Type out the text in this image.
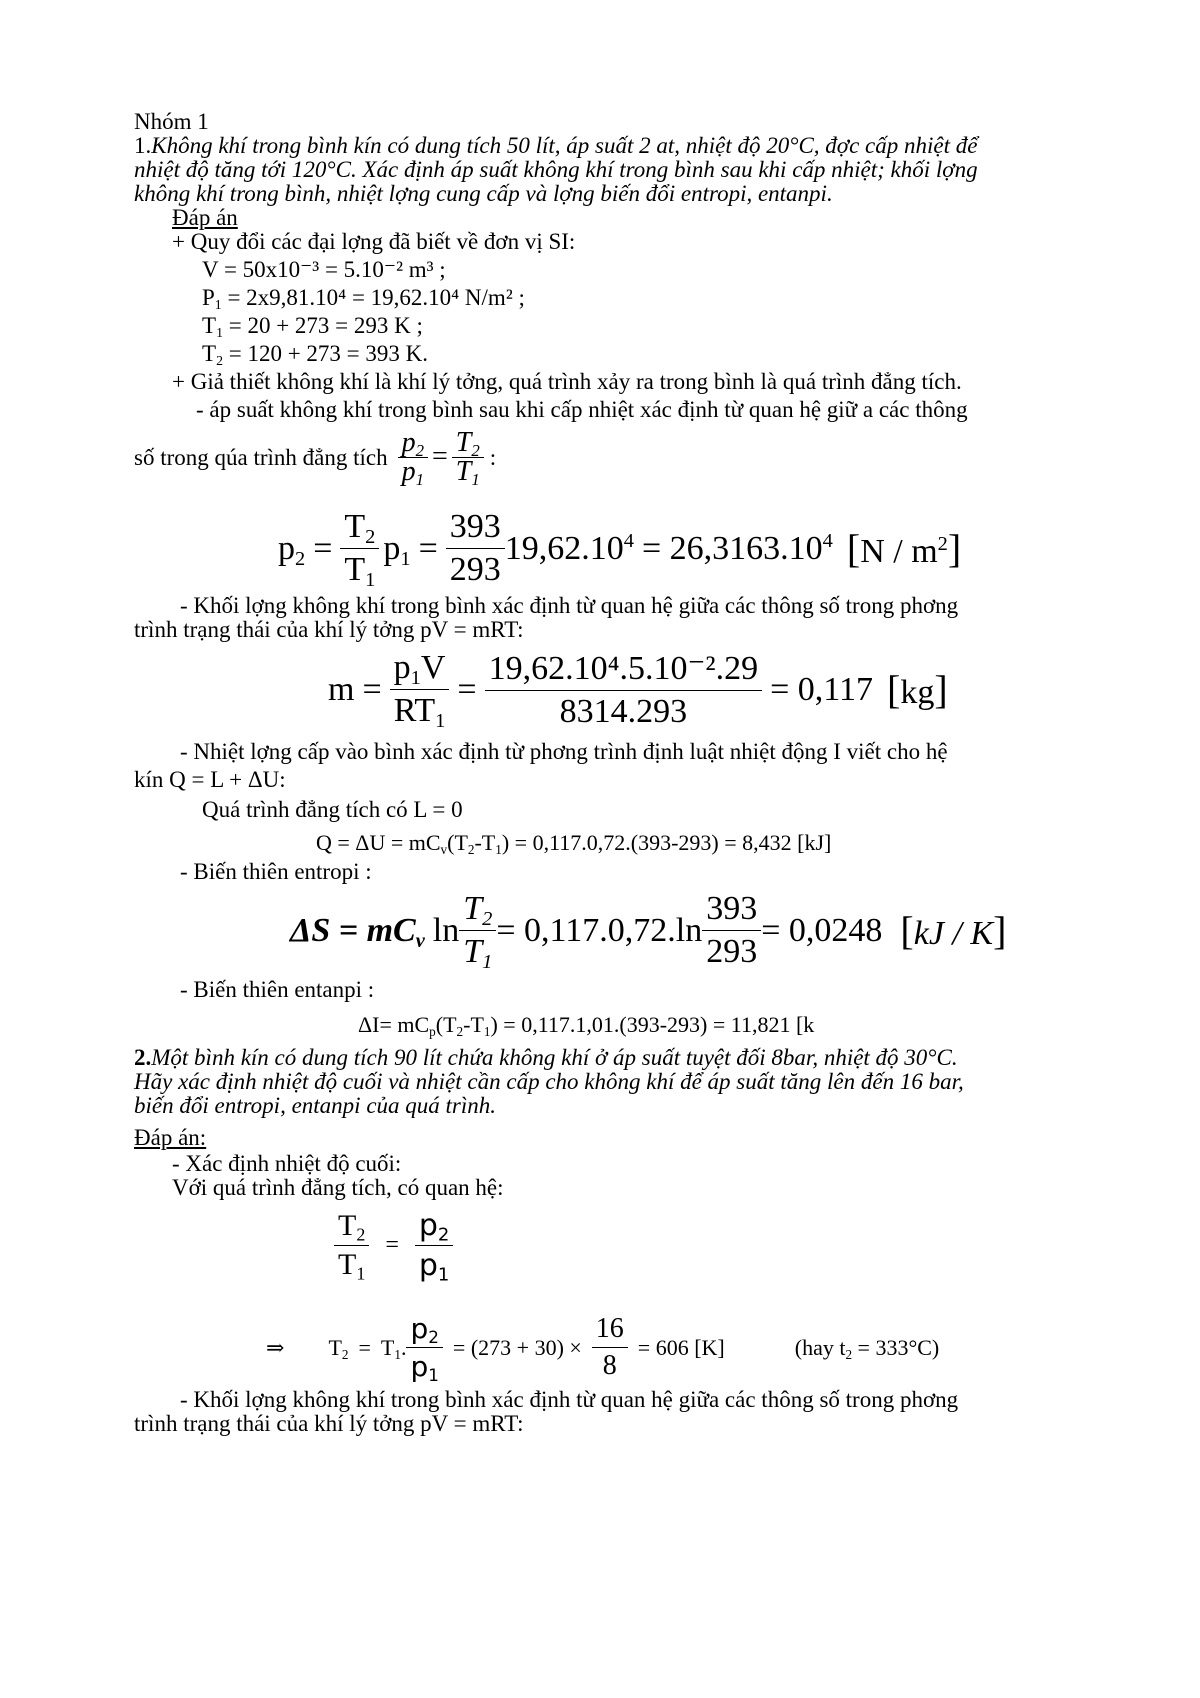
Nhóm 1
1.Không khí trong bình kín có dung tích 50 lít, áp suất 2 at, nhiệt độ 20°C, đợc cấp nhiệt để
nhiệt độ tăng tới 120°C. Xác định áp suất không khí trong bình sau khi cấp nhiệt; khối lợng
không khí trong bình, nhiệt lợng cung cấp và lợng biến đổi entropi, entanpi.
Đáp án
+ Quy đổi các đại lợng đã biết về đơn vị SI:
V = 50x10⁻³ = 5.10⁻² m³ ;
$P_1 = 2x9,81.10^4 = 19,62.10^4$ N/m² ;
$T_1 = 20 + 273 = 293$ K ;
$T_2 = 120 + 273 = 393$ K.
+ Giả thiết không khí là khí lý tởng, quá trình xảy ra trong bình là quá trình đẳng tích.
- áp suất không khí trong bình sau khi cấp nhiệt xác định từ quan hệ giữ a các thông
số trong qúa trình đẳng tích $\frac{p_2}{p_1} = \frac{T_2}{T_1}$ :
$p_2 = \frac{T_2}{T_1} p_1 = \frac{393}{293} 19,62.10^4 = 26,3163.10^4$ $[N / m^2]$
- Khối lợng không khí trong bình xác định từ quan hệ giữa các thông số trong phơng
trình trạng thái của khí lý tởng pV = mRT:
$m = \frac{p_1V}{RT_1} = \frac{\text{19,62.10⁴.5.10⁻².29}}{8314.293} = 0,117$ [kg]
- Nhiệt lợng cấp vào bình xác định từ phơng trình định luật nhiệt động I viết cho hệ
kín Q = L + ΔU:
Quá trình đẳng tích có L = 0
$Q = \Delta U = mC_v(T_2-T_1) = 0,117.0,72.(393-293) = 8,432$ [kJ]
- Biến thiên entropi :
$\Delta S = mC_v$ $\ln \frac{T_2}{T_1} = 0,117.0,72.\ln \frac{393}{293} = 0,0248$ [kJ / K]
- Biến thiên entanpi :
$\Delta I= mC_p(T_2-T_1) = 0,117.1,01.(393-293) = 11,821$ [k
2.Một bình kín có dung tích 90 lít chứa không khí ở áp suất tuyệt đối 8bar, nhiệt độ 30°C.
Hãy xác định nhiệt độ cuối và nhiệt cần cấp cho không khí để áp suất tăng lên đến 16 bar,
biến đổi entropi, entanpi của quá trình.
Đáp án:
- Xác định nhiệt độ cuối:
Với quá trình đẳng tích, có quan hệ:
$\frac{T_2}{T_1} = \frac{p_2}{p_1}$
⇒ $T_2 = T_1$. $\frac{p_2}{p_1} = (273 + 30) \times \frac{16}{8} = 606$ [K]	(hay $t_2 = 333^\circ C$)
- Khối lợng không khí trong bình xác định từ quan hệ giữa các thông số trong phơng
trình trạng thái của khí lý tởng pV = mRT:
